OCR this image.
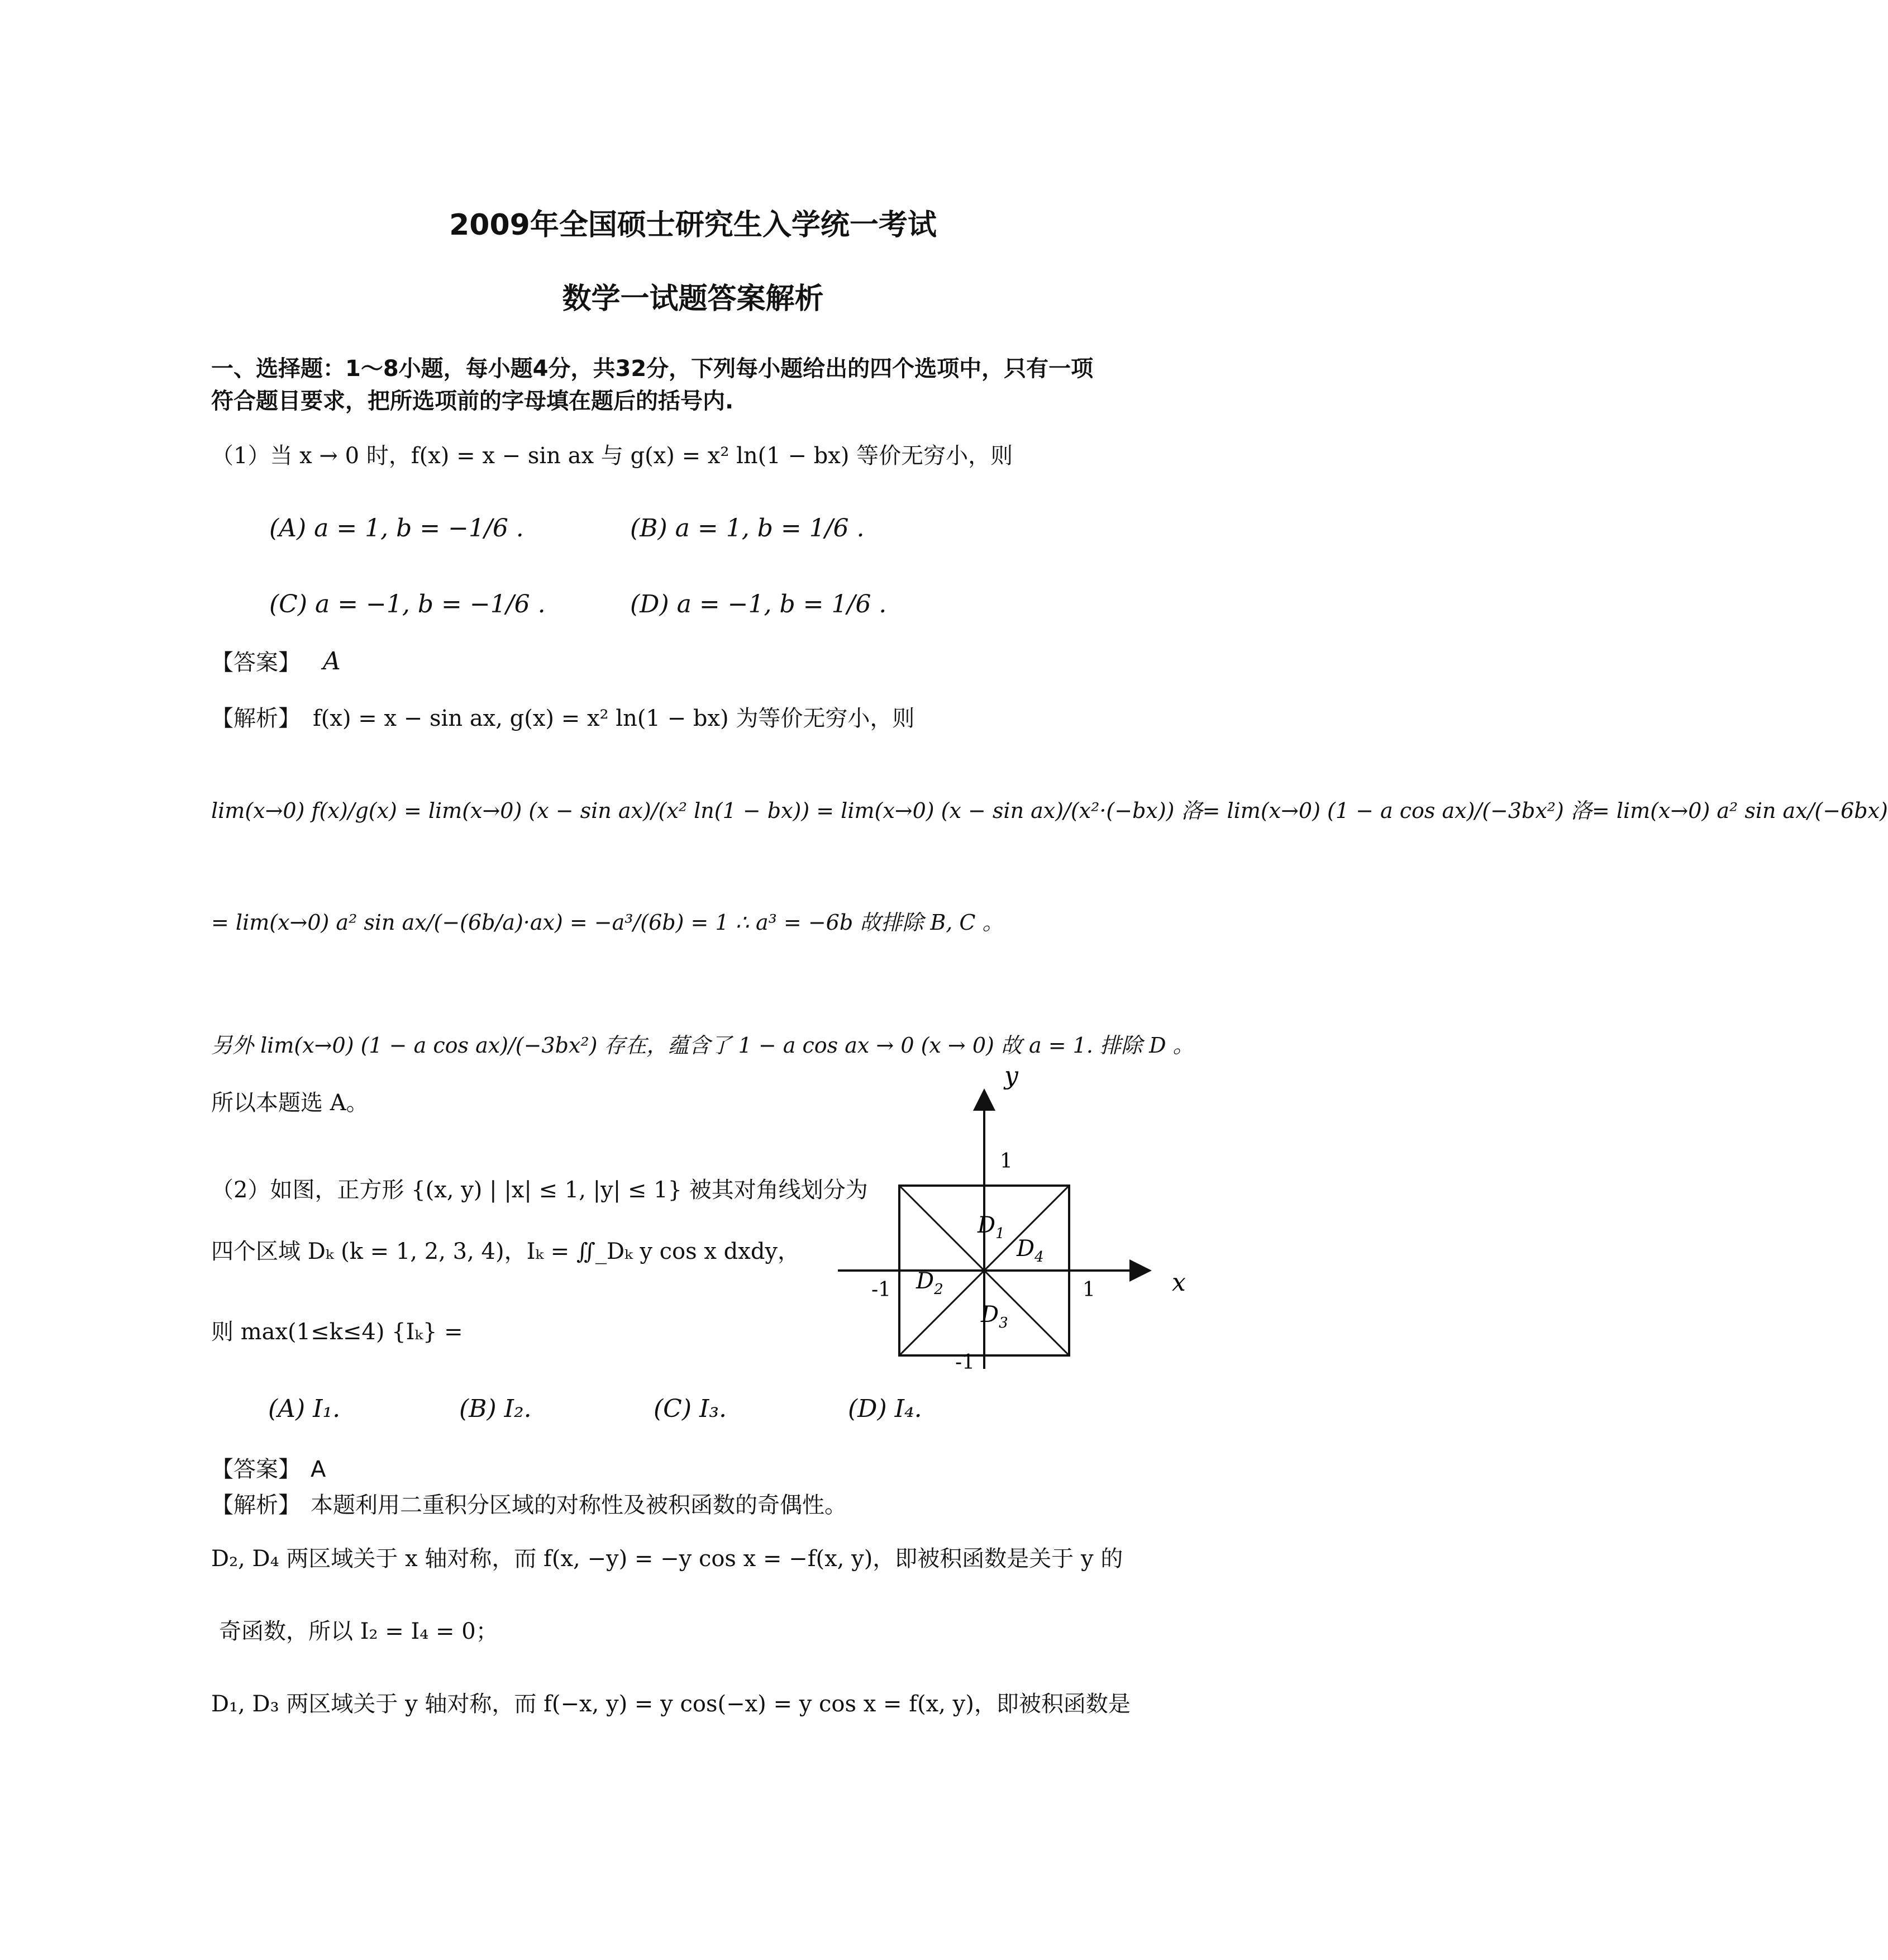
2009年全国硕士研究生入学统一考试
数学一试题答案解析
一、选择题：1～8小题，每小题4分，共32分，下列每小题给出的四个选项中，只有一项
符合题目要求，把所选项前的字母填在题后的括号内.
（1）当 x → 0 时，f(x) = x − sin ax 与 g(x) = x² ln(1 − bx) 等价无穷小，则
(A) a = 1, b = −1/6 .	(B) a = 1, b = 1/6 .
(C) a = −1, b = −1/6 .	(D) a = −1, b = 1/6 .
【答案】 A
【解析】 f(x) = x − sin ax, g(x) = x² ln(1 − bx) 为等价无穷小，则
lim(x→0) f(x)/g(x) = lim(x→0) (x − sin ax)/(x² ln(1 − bx)) = lim(x→0) (x − sin ax)/(x²·(−bx)) 洛= lim(x→0) (1 − a cos ax)/(−3bx²) 洛= lim(x→0) a² sin ax/(−6bx)
= lim(x→0) a² sin ax/(−(6b/a)·ax) = −a³/(6b) = 1 ∴ a³ = −6b 故排除 B, C 。
另外 lim(x→0) (1 − a cos ax)/(−3bx²) 存在，蕴含了 1 − a cos ax → 0 (x → 0) 故 a = 1. 排除 D 。
所以本题选 A。
（2）如图，正方形 {(x, y) | |x| ≤ 1, |y| ≤ 1} 被其对角线划分为
四个区域 Dₖ (k = 1, 2, 3, 4)，Iₖ = ∬_Dₖ y cos x dxdy，
则 max(1≤k≤4) {Iₖ} =
y
x
1
-1
-1	1
$D_1$
$D_2$
$D_3$
$D_4$
(A) I₁.	(B) I₂.	(C) I₃.	(D) I₄.
【答案】 A
【解析】 本题利用二重积分区域的对称性及被积函数的奇偶性。
D₂, D₄ 两区域关于 x 轴对称，而 f(x, −y) = −y cos x = −f(x, y)，即被积函数是关于 y 的
奇函数，所以 I₂ = I₄ = 0；
D₁, D₃ 两区域关于 y 轴对称，而 f(−x, y) = y cos(−x) = y cos x = f(x, y)，即被积函数是
